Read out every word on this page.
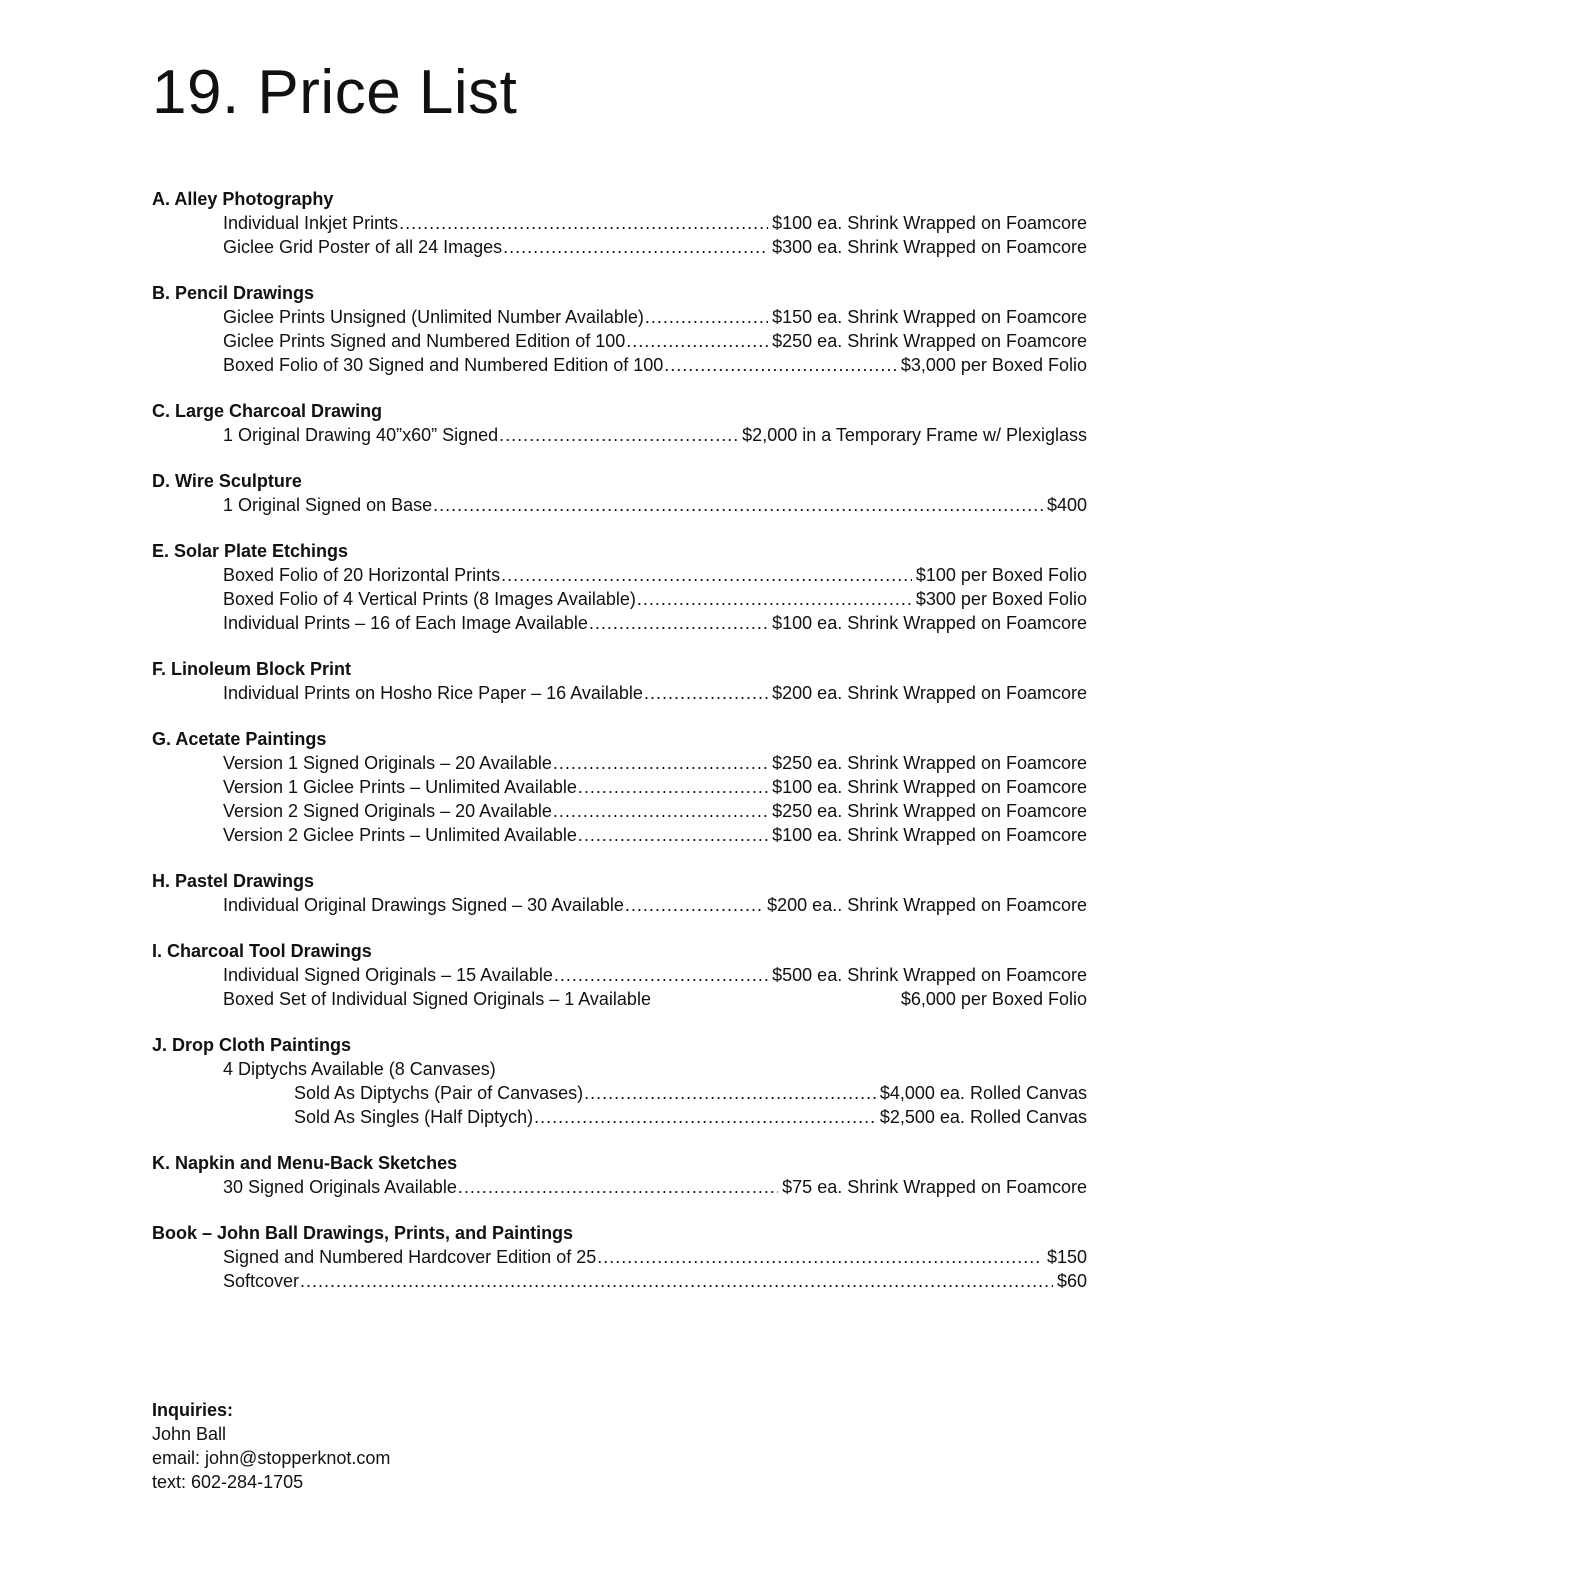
19. Price List
A. Alley Photography
Individual Inkjet Prints .....	$100 ea. Shrink Wrapped on Foamcore
Giclee Grid Poster of all 24 Images .....	$300 ea. Shrink Wrapped on Foamcore
B. Pencil Drawings
Giclee Prints Unsigned (Unlimited Number Available) .....	$150 ea. Shrink Wrapped on Foamcore
Giclee Prints Signed and Numbered Edition of 100 .....	$250 ea. Shrink Wrapped on Foamcore
Boxed Folio of 30 Signed and Numbered Edition of 100 .....	$3,000 per Boxed Folio
C. Large Charcoal Drawing
1 Original Drawing 40”x60” Signed .....	$2,000 in a Temporary Frame w/ Plexiglass
D. Wire Sculpture
1 Original Signed on Base .....	$400
E. Solar Plate Etchings
Boxed Folio of 20 Horizontal Prints .....	$100 per Boxed Folio
Boxed Folio of 4 Vertical Prints (8 Images Available) .....	$300 per Boxed Folio
Individual Prints – 16 of Each Image Available .....	$100 ea. Shrink Wrapped on Foamcore
F. Linoleum Block Print
Individual Prints on Hosho Rice Paper – 16 Available .....	$200 ea. Shrink Wrapped on Foamcore
G. Acetate Paintings
Version 1 Signed Originals – 20 Available .....	$250 ea. Shrink Wrapped on Foamcore
Version 1 Giclee Prints – Unlimited Available .....	$100 ea. Shrink Wrapped on Foamcore
Version 2 Signed Originals – 20 Available .....	$250 ea. Shrink Wrapped on Foamcore
Version 2 Giclee Prints – Unlimited Available .....	$100 ea. Shrink Wrapped on Foamcore
H. Pastel Drawings
Individual Original Drawings Signed – 30 Available .....	$200 ea.. Shrink Wrapped on Foamcore
I. Charcoal Tool Drawings
Individual Signed Originals – 15 Available .....	$500 ea. Shrink Wrapped on Foamcore
Boxed Set of Individual Signed Originals – 1 Available	$6,000 per Boxed Folio
J. Drop Cloth Paintings
4 Diptychs Available (8 Canvases)
Sold As Diptychs (Pair of Canvases) .....	$4,000 ea. Rolled Canvas
Sold As Singles (Half Diptych) .....	$2,500 ea. Rolled Canvas
K. Napkin and Menu-Back Sketches
30 Signed Originals Available .....	$75 ea. Shrink Wrapped on Foamcore
Book – John Ball Drawings, Prints, and Paintings
Signed and Numbered Hardcover Edition of 25 .....	$150
Softcover .....	$60
Inquiries:
John Ball
email: john@stopperknot.com
text: 602-284-1705
